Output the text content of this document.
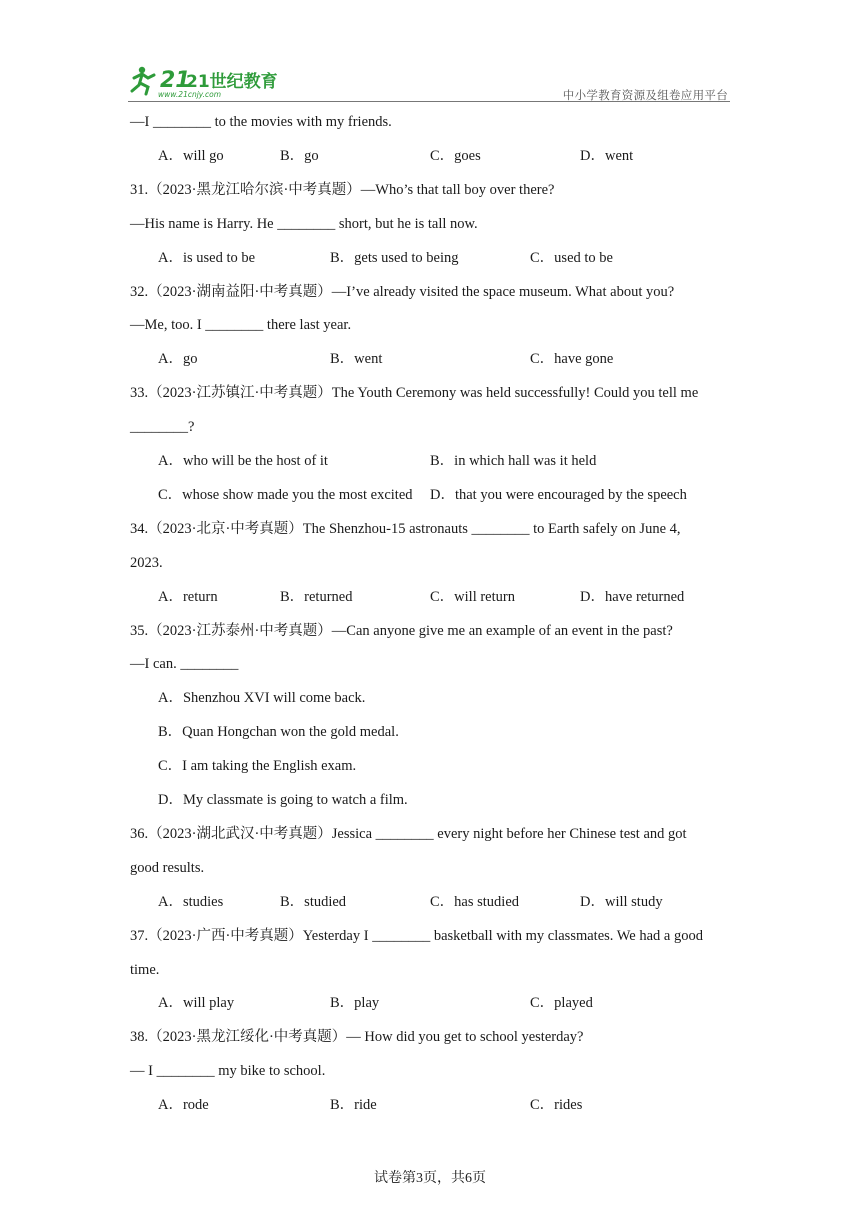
21
21世纪教育
www.21cnjy.com	中小学教育资源及组卷应用平台
—I ________ to the movies with my friends.
A．will go	B．go	C．goes	D．went
31.（2023·黑龙江哈尔滨·中考真题）—Who’s that tall boy over there?
—His name is Harry. He ________ short, but he is tall now.
A．is used to be	B．gets used to being	C．used to be
32.（2023·湖南益阳·中考真题）—I’ve already visited the space museum. What about you?
—Me, too. I ________ there last year.
A．go	B．went	C．have gone
33.（2023·江苏镇江·中考真题）The Youth Ceremony was held successfully! Could you tell me
________?
A．who will be the host of it	B．in which hall was it held
C．whose show made you the most excited D．that you were encouraged by the speech
34.（2023·北京·中考真题）The Shenzhou-15 astronauts ________ to Earth safely on June 4,
2023.
A．return	B．returned	C．will return	D．have returned
35.（2023·江苏泰州·中考真题）—Can anyone give me an example of an event in the past?
—I can. ________
A．Shenzhou XVI will come back.
B．Quan Hongchan won the gold medal.
C．I am taking the English exam.
D．My classmate is going to watch a film.
36.（2023·湖北武汉·中考真题）Jessica ________ every night before her Chinese test and got
good results.
A．studies	B．studied	C．has studied	D．will study
37.（2023·广西·中考真题）Yesterday I ________ basketball with my classmates. We had a good
time.
A．will play	B．play	C．played
38.（2023·黑龙江绥化·中考真题）— How did you get to school yesterday?
— I ________ my bike to school.
A．rode	B．ride	C．rides
试卷第3页，共6页
